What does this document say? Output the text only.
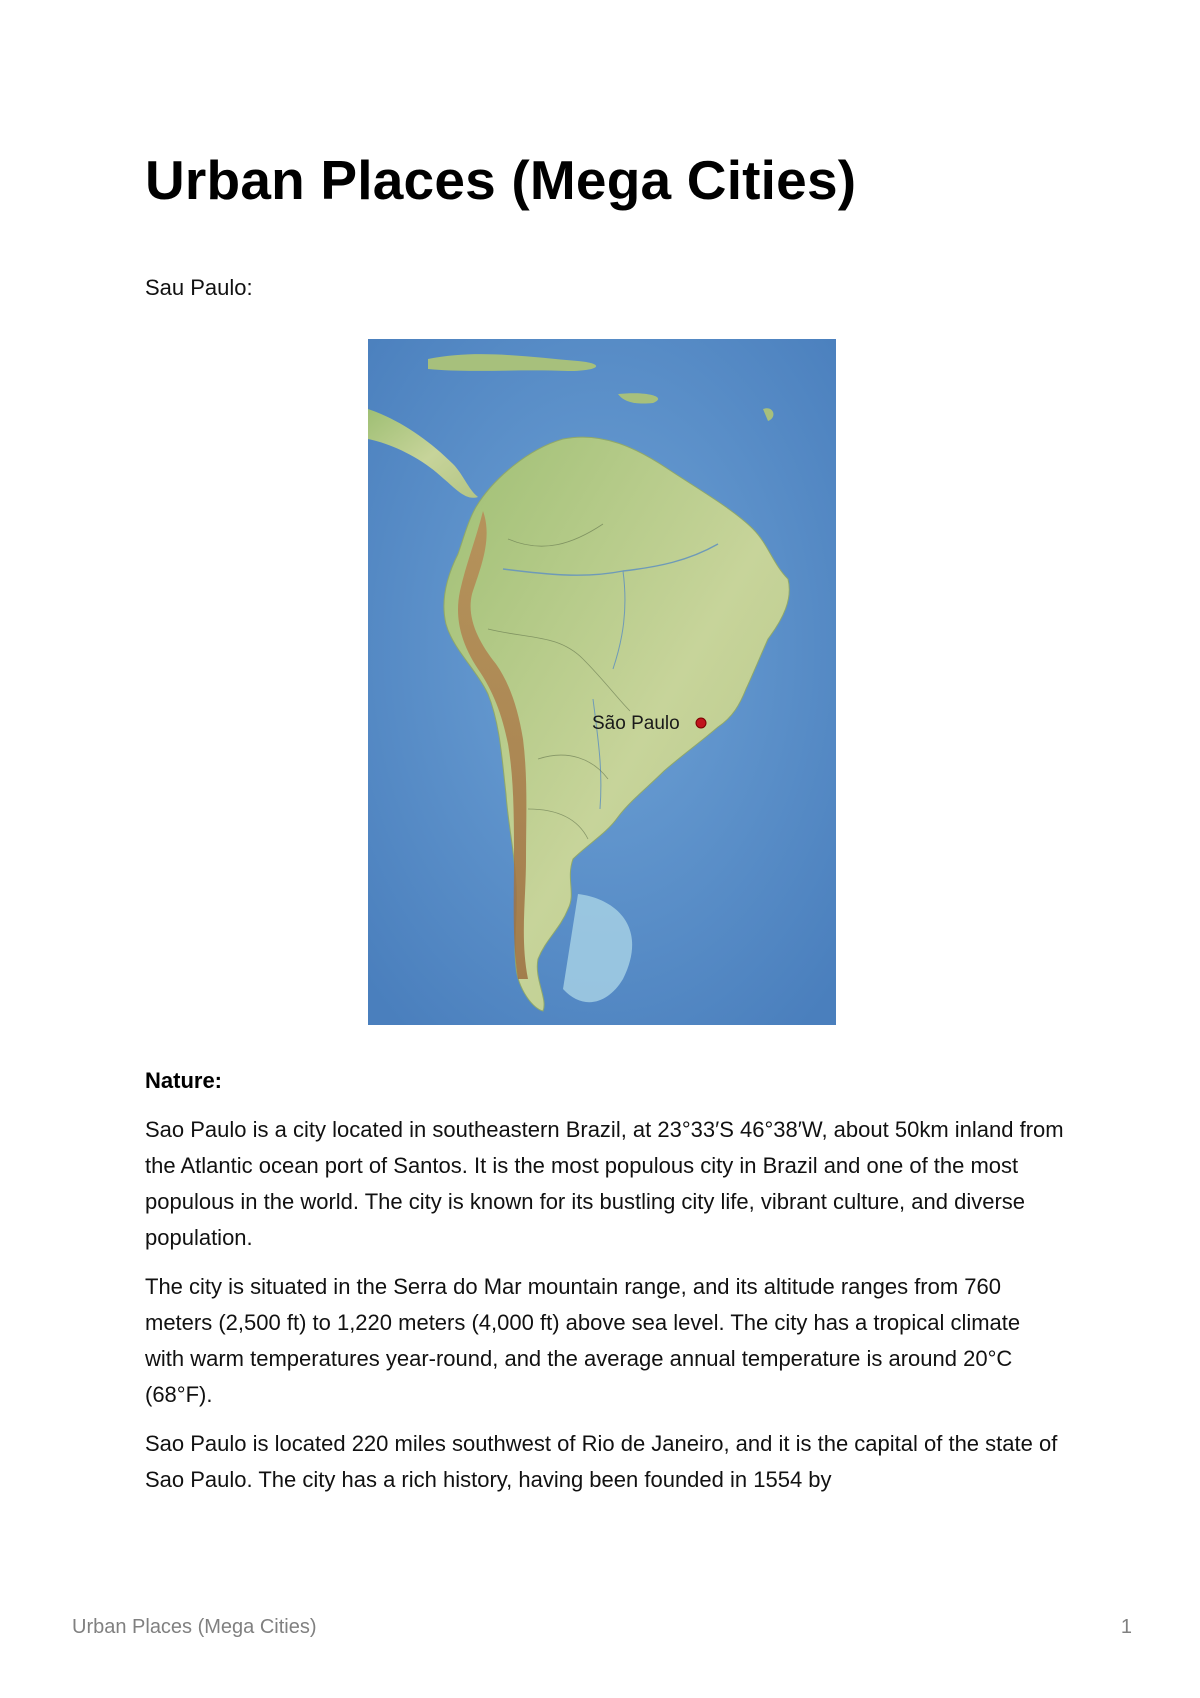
Urban Places (Mega Cities)
Sau Paulo:
São Paulo
Nature:

Sao Paulo is a city located in southeastern Brazil, at 23°33′S 46°38′W, about 50km inland from the Atlantic ocean port of Santos. It is the most populous city in Brazil and one of the most populous in the world. The city is known for its bustling city life, vibrant culture, and diverse population.

The city is situated in the Serra do Mar mountain range, and its altitude ranges from 760 meters (2,500 ft) to 1,220 meters (4,000 ft) above sea level. The city has a tropical climate with warm temperatures year-round, and the average annual temperature is around 20°C (68°F).

Sao Paulo is located 220 miles southwest of Rio de Janeiro, and it is the capital of the state of Sao Paulo. The city has a rich history, having been founded in 1554 by

Urban Places (Mega Cities)	1
